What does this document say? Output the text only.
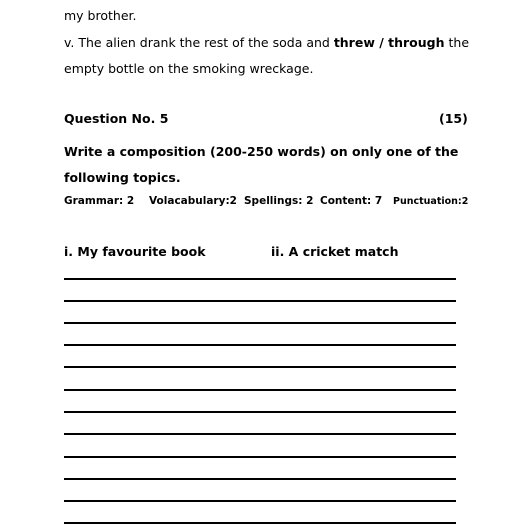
my brother.
v. The alien drank the rest of the soda and threw / through the
empty bottle on the smoking wreckage.
Question No. 5	(15)
Write a composition (200-250 words) on only one of the
following topics.
Grammar: 2 Volacabulary:2 Spellings: 2 Content: 7 Punctuation:2
i. My favourite book	ii. A cricket match
